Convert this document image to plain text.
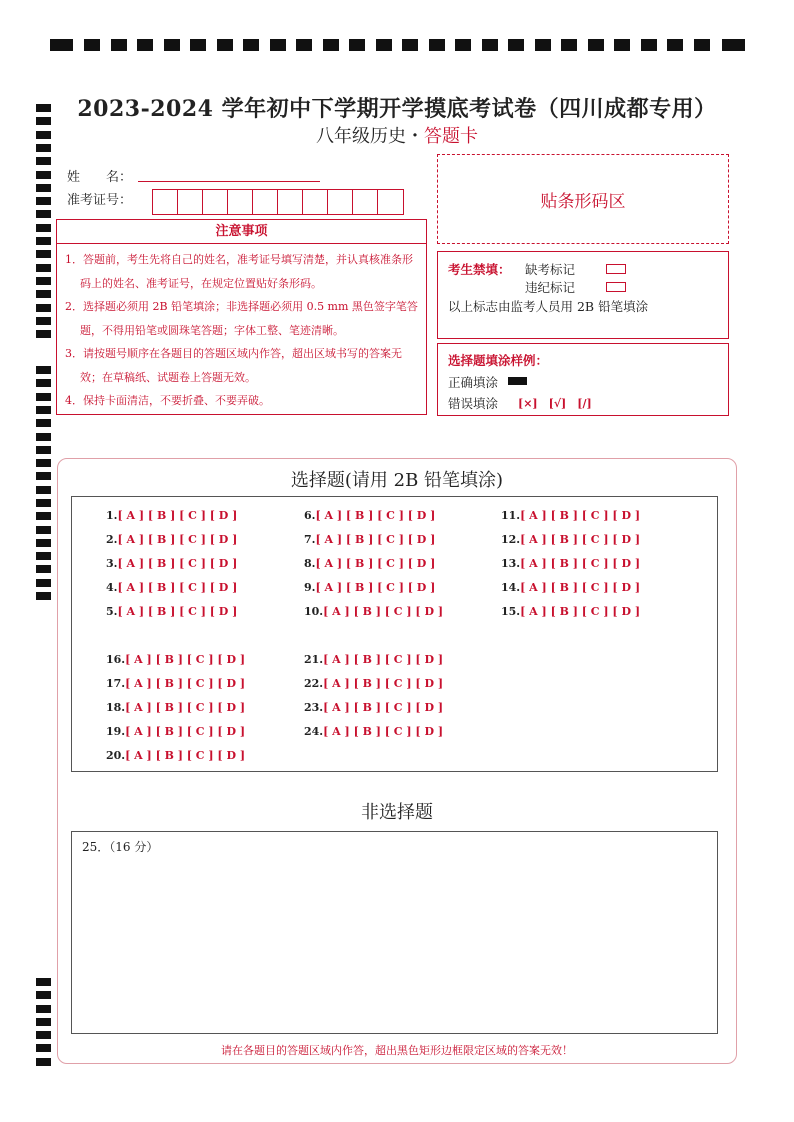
2023-2024 学年初中下学期开学摸底考试卷（四川成都专用）
八年级历史・答题卡
姓　　名：
准考证号：	贴条形码区
注意事项
1．答题前，考生先将自己的姓名，准考证号填写清楚，并认真核准条形码上的姓名、准考证号，在规定位置贴好条形码。
2．选择题必须用 2B 铅笔填涂；非选择题必须用 0.5 mm 黑色签字笔答题，不得用铅笔或圆珠笔答题；字体工整、笔迹清晰。
3．请按题号顺序在各题目的答题区域内作答，超出区域书写的答案无效；在草稿纸、试题卷上答题无效。
4．保持卡面清洁，不要折叠、不要弄破。
考生禁填： 缺考标记
违纪标记
以上标志由监考人员用 2B 铅笔填涂
选择题填涂样例：
正确填涂
错误填涂 [×]　[√]　[/]
选择题(请用 2B 铅笔填涂)
1.[ A ] [ B ] [ C ] [ D ]
2.[ A ] [ B ] [ C ] [ D ]
3.[ A ] [ B ] [ C ] [ D ]
4.[ A ] [ B ] [ C ] [ D ]
5.[ A ] [ B ] [ C ] [ D ]
6.[ A ] [ B ] [ C ] [ D ]
7.[ A ] [ B ] [ C ] [ D ]
8.[ A ] [ B ] [ C ] [ D ]
9.[ A ] [ B ] [ C ] [ D ]
10.[ A ] [ B ] [ C ] [ D ]
11.[ A ] [ B ] [ C ] [ D ]
12.[ A ] [ B ] [ C ] [ D ]
13.[ A ] [ B ] [ C ] [ D ]
14.[ A ] [ B ] [ C ] [ D ]
15.[ A ] [ B ] [ C ] [ D ]
16.[ A ] [ B ] [ C ] [ D ]
17.[ A ] [ B ] [ C ] [ D ]
18.[ A ] [ B ] [ C ] [ D ]
19.[ A ] [ B ] [ C ] [ D ]
20.[ A ] [ B ] [ C ] [ D ]
21.[ A ] [ B ] [ C ] [ D ]
22.[ A ] [ B ] [ C ] [ D ]
23.[ A ] [ B ] [ C ] [ D ]
24.[ A ] [ B ] [ C ] [ D ]
非选择题
25．（16 分）
请在各题目的答题区域内作答，超出黑色矩形边框限定区域的答案无效！
